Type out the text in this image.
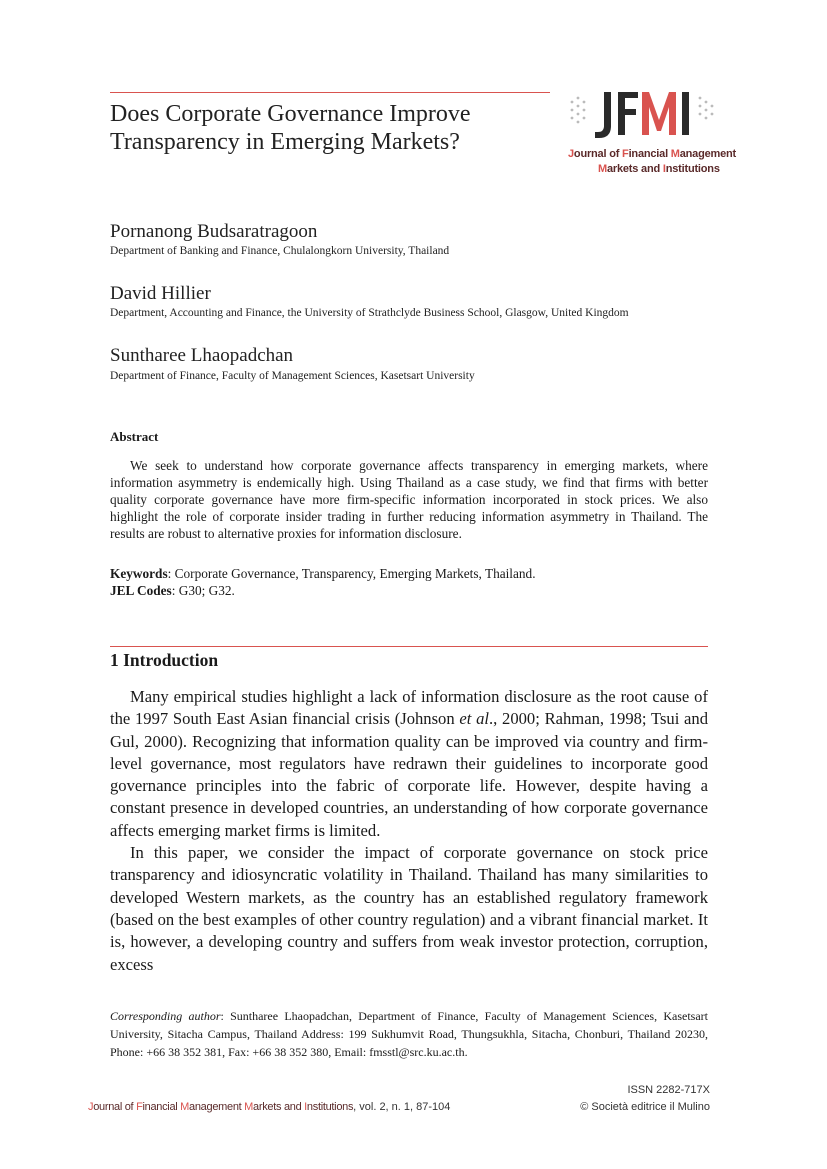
Does Corporate Governance Improve
Transparency in Emerging Markets?	Journal of Financial Management
Markets and Institutions
Pornanong Budsaratragoon
Department of Banking and Finance, Chulalongkorn University, Thailand
David Hillier
Department, Accounting and Finance, the University of Strathclyde Business School, Glasgow, United Kingdom
Suntharee Lhaopadchan
Department of Finance, Faculty of Management Sciences, Kasetsart University
Abstract
We seek to understand how corporate governance affects transparency in emerging markets, where information asymmetry is endemically high. Using Thailand as a case study, we find that firms with better quality corporate governance have more firm-specific information incorporated in stock prices. We also highlight the role of corporate insider trading in further reducing information asymmetry in Thailand. The results are robust to alternative proxies for information disclosure.
Keywords: Corporate Governance, Transparency, Emerging Markets, Thailand.
JEL Codes: G30; G32.
1 Introduction

Many empirical studies highlight a lack of information disclosure as the root cause of the 1997 South East Asian financial crisis (Johnson et al., 2000; Rahman, 1998; Tsui and Gul, 2000). Recognizing that information quality can be improved via country and firm-level governance, most regulators have redrawn their guidelines to incorporate good governance principles into the fabric of corporate life. However, despite having a constant presence in developed countries, an understanding of how corporate governance affects emerging market firms is limited.

In this paper, we consider the impact of corporate governance on stock price transparency and idiosyncratic volatility in Thailand. Thailand has many similarities to developed Western markets, as the country has an established regulatory framework (based on the best examples of other country regulation) and a vibrant financial market. It is, however, a developing country and suffers from weak investor protection, corruption, excess

Corresponding author: Suntharee Lhaopadchan, Department of Finance, Faculty of Management Sciences, Kasetsart University, Sitacha Campus, Thailand Address: 199 Sukhumvit Road, Thungsukhla, Sitacha, Chonburi, Thailand 20230, Phone: +66 38 352 381, Fax: +66 38 352 380, Email: fmsstl@src.ku.ac.th.
Journal of Financial Management Markets and Institutions, vol. 2, n. 1, 87-104
ISSN 2282-717X
© Società editrice il Mulino
